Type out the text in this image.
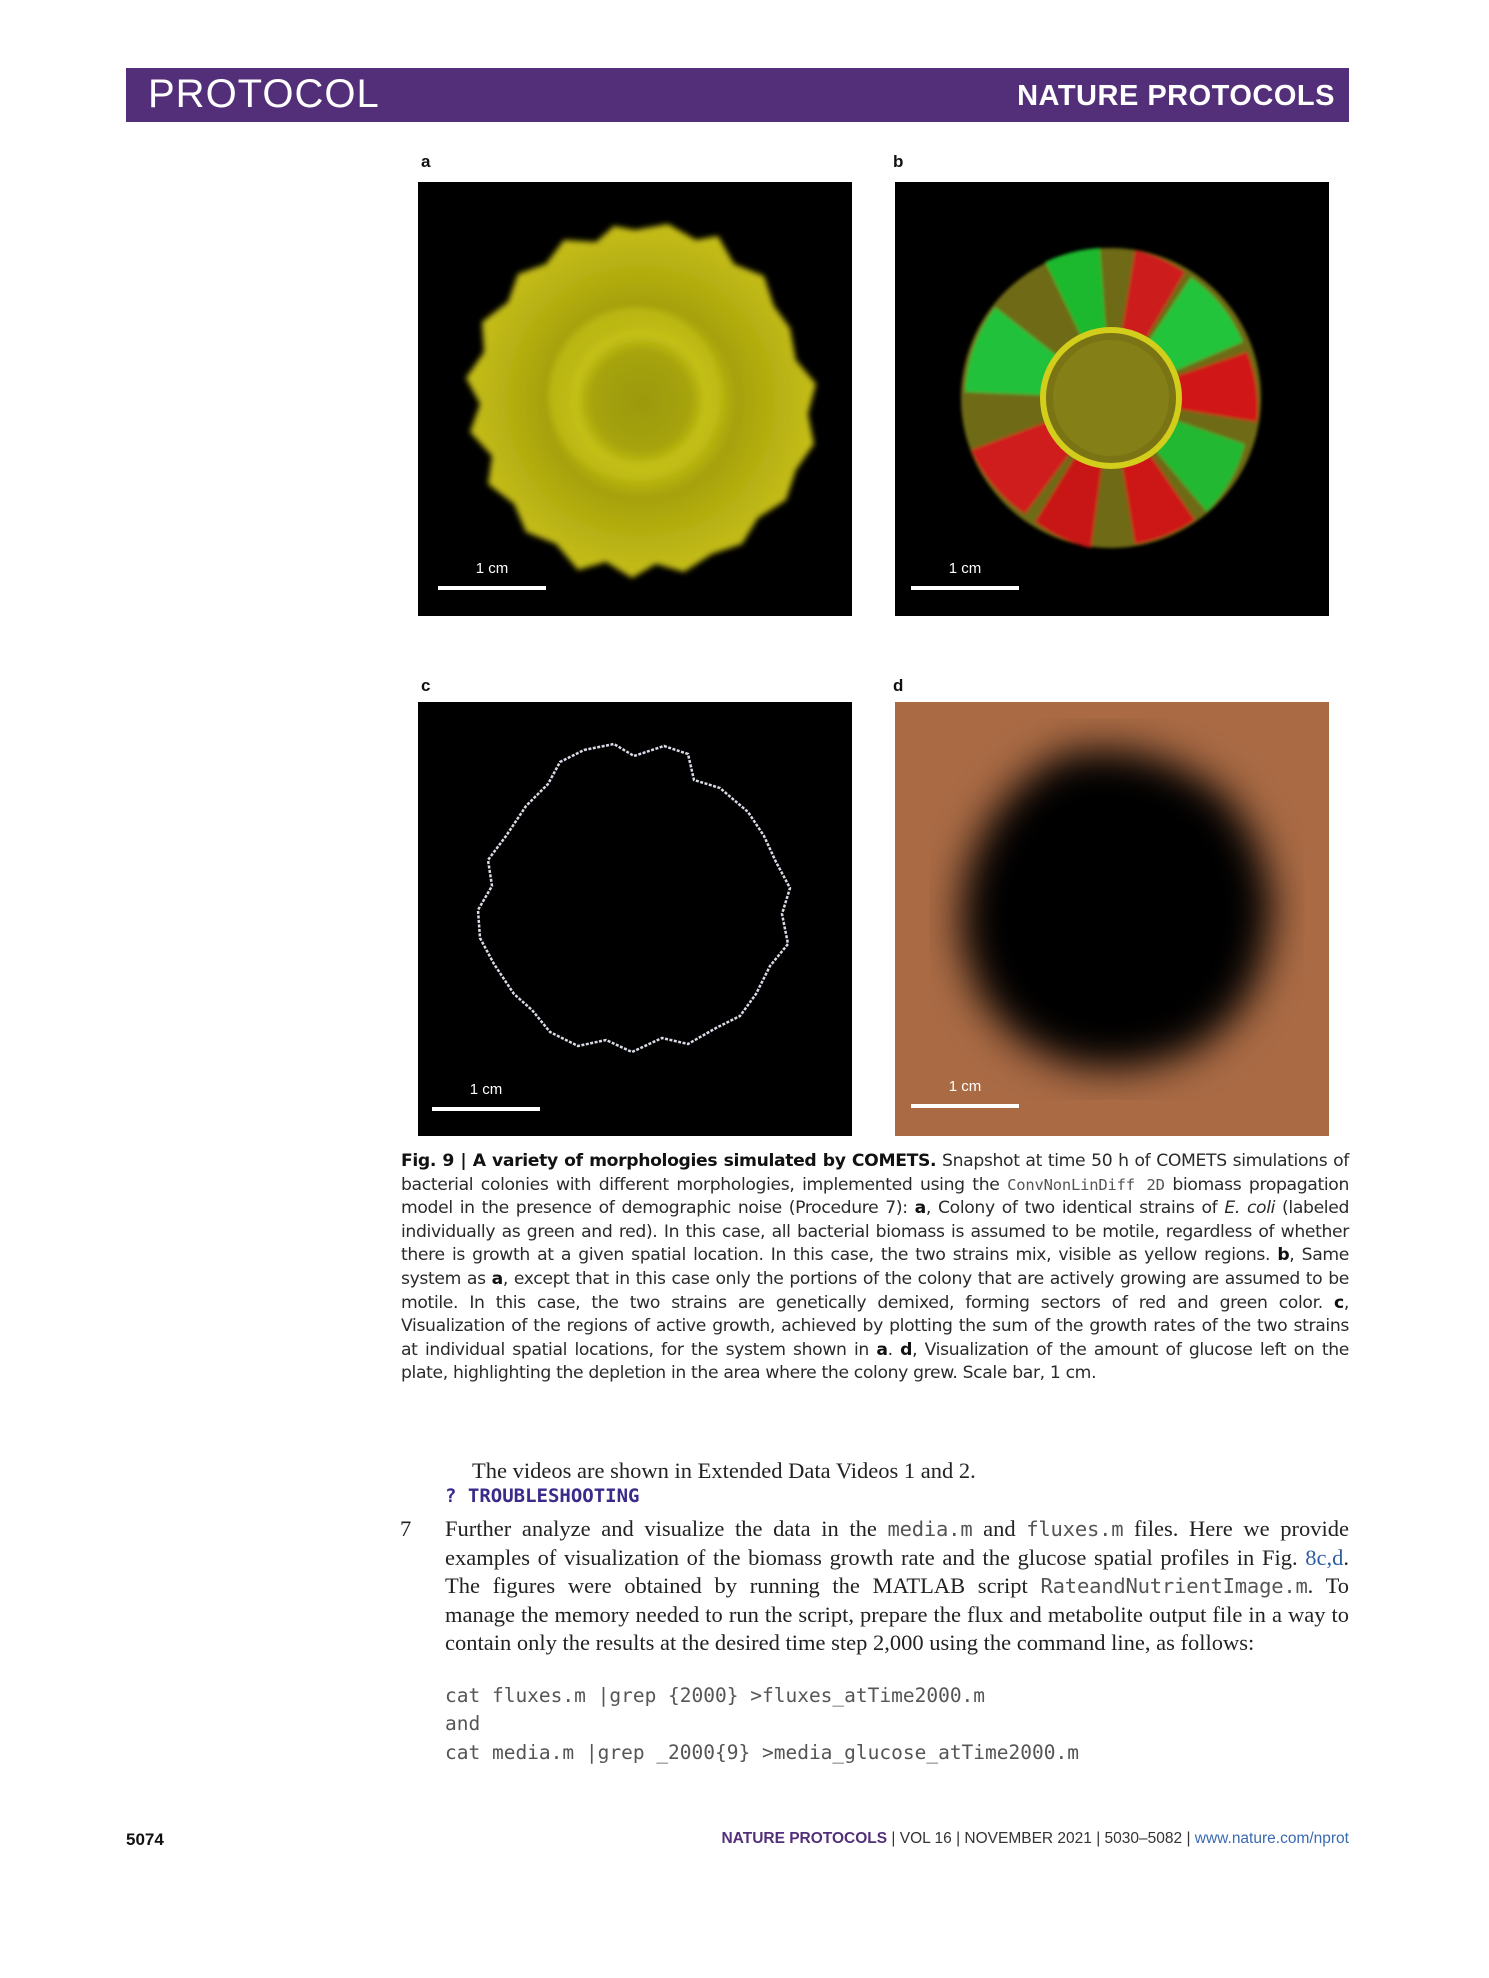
PROTOCOL	NATURE PROTOCOLS
a
1 cm
b
1 cm
c
1 cm
d
1 cm
Fig. 9 | A variety of morphologies simulated by COMETS. Snapshot at time 50 h of COMETS simulations of bacterial colonies with different morphologies, implemented using the ConvNonLinDiff 2D biomass propagation model in the presence of demographic noise (Procedure 7): a, Colony of two identical strains of E. coli (labeled individually as green and red). In this case, all bacterial biomass is assumed to be motile, regardless of whether there is growth at a given spatial location. In this case, the two strains mix, visible as yellow regions. b, Same system as a, except that in this case only the portions of the colony that are actively growing are assumed to be motile. In this case, the two strains are genetically demixed, forming sectors of red and green color. c, Visualization of the regions of active growth, achieved by plotting the sum of the growth rates of the two strains at individual spatial locations, for the system shown in a. d, Visualization of the amount of glucose left on the plate, highlighting the depletion in the area where the colony grew. Scale bar, 1 cm.
The videos are shown in Extended Data Videos 1 and 2.
? TROUBLESHOOTING
7 Further analyze and visualize the data in the media.m and fluxes.m files. Here we provide examples of visualization of the biomass growth rate and the glucose spatial profiles in Fig. 8c,d. The figures were obtained by running the MATLAB script RateandNutrientImage.m. To manage the memory needed to run the script, prepare the flux and metabolite output file in a way to contain only the results at the desired time step 2,000 using the command line, as follows:
cat fluxes.m |grep {2000} >fluxes_atTime2000.m
and
cat media.m |grep _2000{9} >media_glucose_atTime2000.m
5074	NATURE PROTOCOLS | VOL 16 | NOVEMBER 2021 | 5030–5082 | www.nature.com/nprot
